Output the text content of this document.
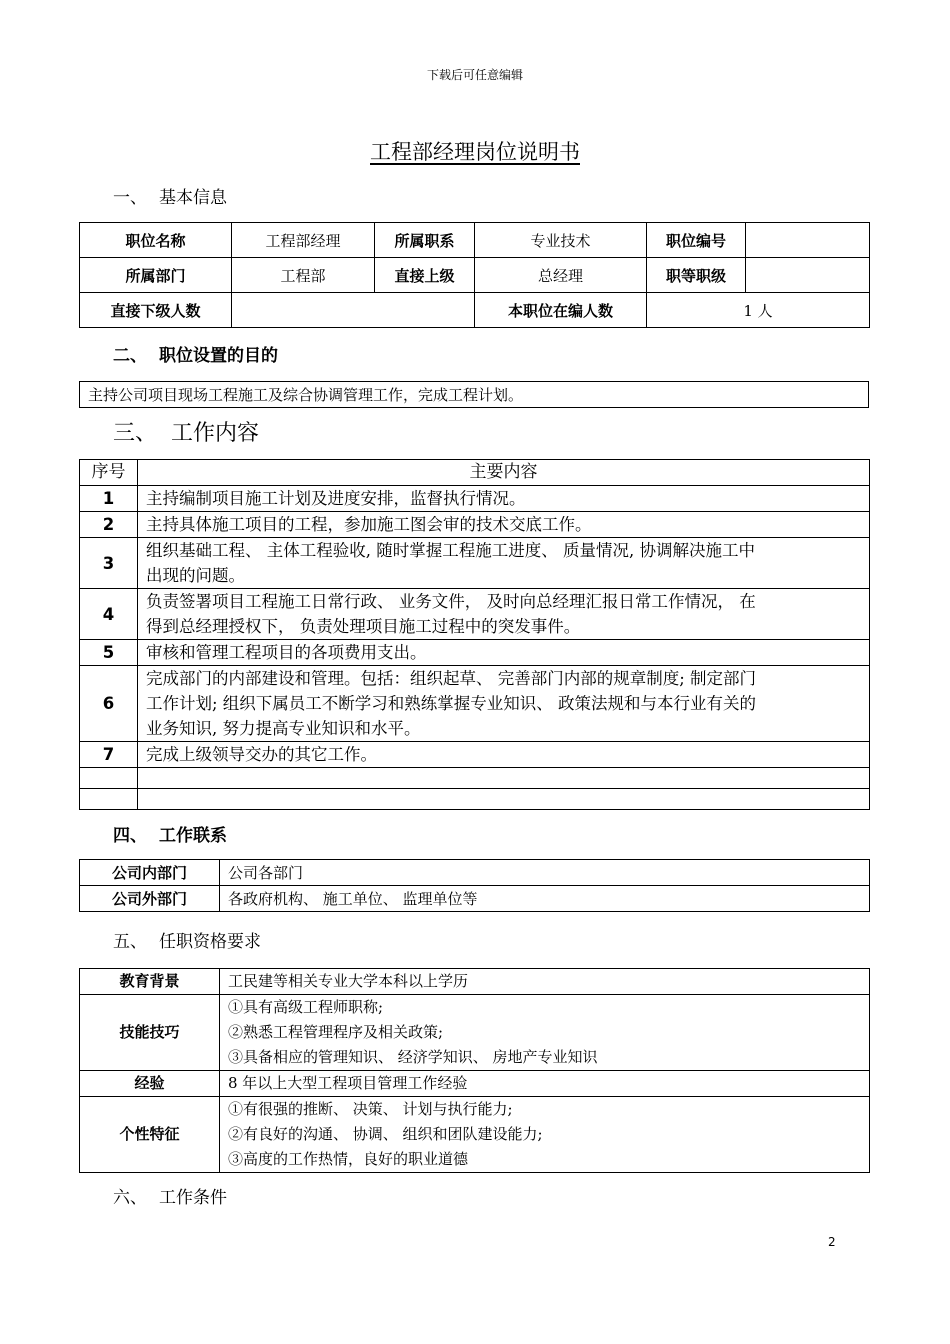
下载后可任意编辑
工程部经理岗位说明书
一、 基本信息
职位名称	工程部经理	所属职系	专业技术	职位编号	
所属部门	工程部	直接上级	总经理	职等职级	
直接下级人数			本职位在编人数	1 人	
二、 职位设置的目的
主持公司项目现场工程施工及综合协调管理工作，完成工程计划。
三、 工作内容
序号	主要内容
1	主持编制项目施工计划及进度安排，监督执行情况。

2	主持具体施工项目的工程，参加施工图会审的技术交底工作。

3	组织基础工程、 主体工程验收, 随时掌握工程施工进度、 质量情况, 协调解决施工中
出现的问题。

4	负责签署项目工程施工日常行政、 业务文件， 及时向总经理汇报日常工作情况， 在
得到总经理授权下， 负责处理项目施工过程中的突发事件。

5	审核和管理工程项目的各项费用支出。

6	完成部门的内部建设和管理。包括：组织起草、 完善部门内部的规章制度; 制定部门
工作计划; 组织下属员工不断学习和熟练掌握专业知识、 政策法规和与本行业有关的
业务知识, 努力提高专业知识和水平。

7	完成上级领导交办的其它工作。

四、 工作联系
公司内部门	公司各部门
公司外部门	各政府机构、 施工单位、 监理单位等
五、 任职资格要求
教育背景	工民建等相关专业大学本科以上学历
技能技巧	①具有高级工程师职称;
②熟悉工程管理程序及相关政策;
③具备相应的管理知识、 经济学知识、 房地产专业知识

经验	8 年以上大型工程项目管理工作经验
个性特征	①有很强的推断、 决策、 计划与执行能力;
②有良好的沟通、 协调、 组织和团队建设能力;
③高度的工作热情，良好的职业道德
六、 工作条件
2
